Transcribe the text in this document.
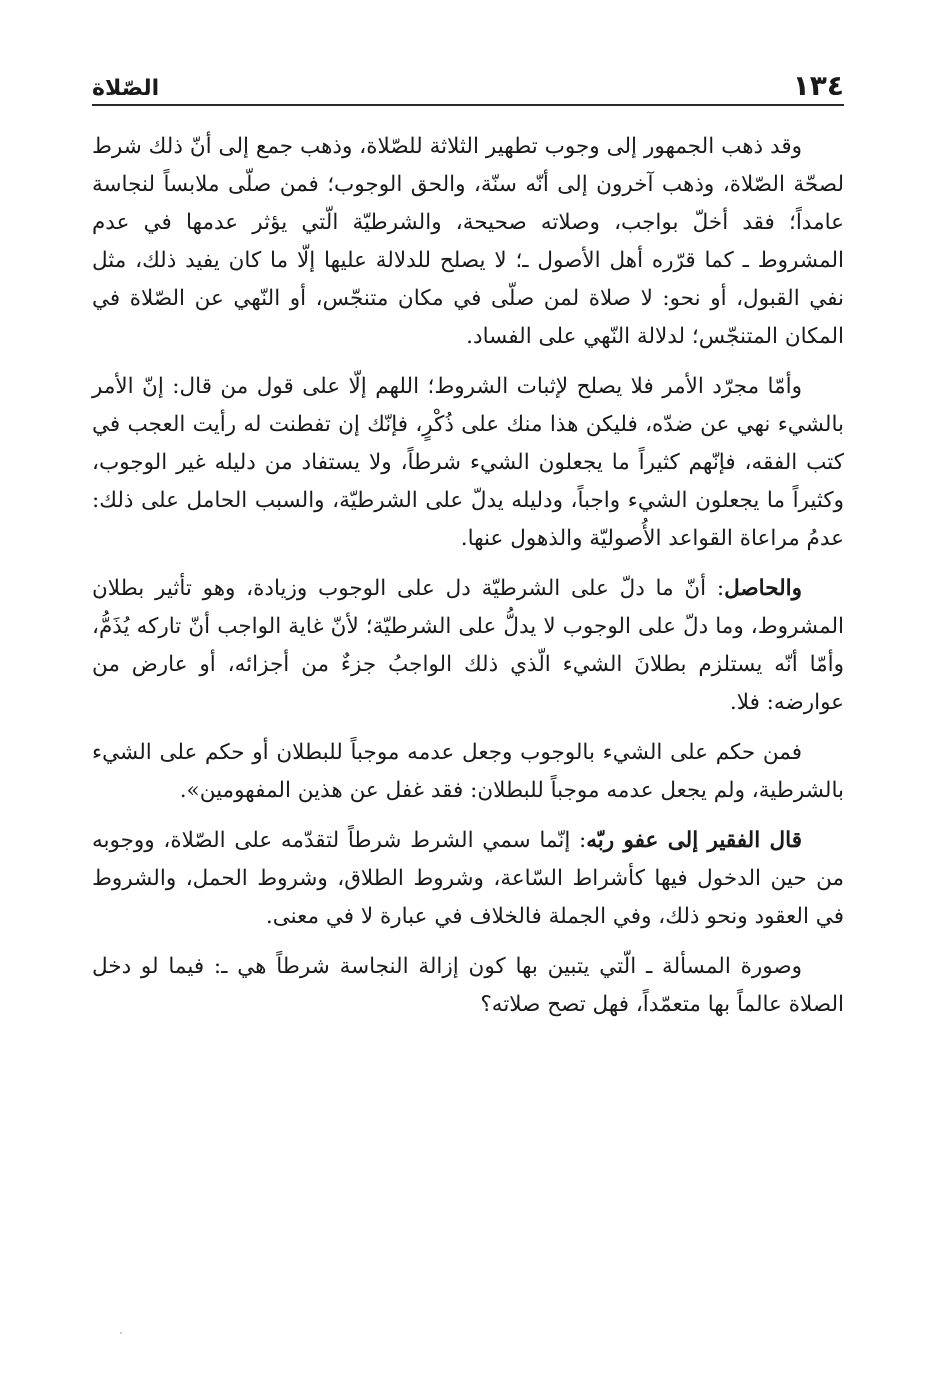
١٣٤
الصّلاة

وقد ذهب الجمهور إلى وجوب تطهير الثلاثة للصّلاة، وذهب جمع إلى أنّ ذلك شرط لصحّة الصّلاة، وذهب آخرون إلى أنّه سنّة، والحق الوجوب؛ فمن صلّى ملابساً لنجاسة عامداً؛ فقد أخلّ بواجب، وصلاته صحيحة، والشرطيّة الّتي يؤثر عدمها في عدم المشروط ـ كما قرّره أهل الأصول ـ؛ لا يصلح للدلالة عليها إلّا ما كان يفيد ذلك، مثل نفي القبول، أو نحو: لا صلاة لمن صلّى في مكان متنجّس، أو النّهي عن الصّلاة في المكان المتنجّس؛ لدلالة النّهي على الفساد.

وأمّا مجرّد الأمر فلا يصلح لإثبات الشروط؛ اللهم إلّا على قول من قال: إنّ الأمر بالشيء نهي عن ضدّه، فليكن هذا منك على ذُكْرٍ، فإنّك إن تفطنت له رأيت العجب في كتب الفقه، فإنّهم كثيراً ما يجعلون الشيء شرطاً، ولا يستفاد من دليله غير الوجوب، وكثيراً ما يجعلون الشيء واجباً، ودليله يدلّ على الشرطيّة، والسبب الحامل على ذلك: عدمُ مراعاة القواعد الأُصوليّة والذهول عنها.

والحاصل: أنّ ما دلّ على الشرطيّة دل على الوجوب وزيادة، وهو تأثير بطلان المشروط، وما دلّ على الوجوب لا يدلُّ على الشرطيّة؛ لأنّ غاية الواجب أنّ تاركه يُذَمُّ، وأمّا أنّه يستلزم بطلانَ الشيء الّذي ذلك الواجبُ جزءٌ من أجزائه، أو عارض من عوارضه: فلا.

فمن حكم على الشيء بالوجوب وجعل عدمه موجباً للبطلان أو حكم على الشيء بالشرطية، ولم يجعل عدمه موجباً للبطلان: فقد غفل عن هذين المفهومين».

قال الفقير إلى عفو ربّه: إنّما سمي الشرط شرطاً لتقدّمه على الصّلاة، ووجوبه من حين الدخول فيها كأشراط السّاعة، وشروط الطلاق، وشروط الحمل، والشروط في العقود ونحو ذلك، وفي الجملة فالخلاف في عبارة لا في معنى.

وصورة المسألة ـ الّتي يتبين بها كون إزالة النجاسة شرطاً هي ـ: فيما لو دخل الصلاة عالماً بها متعمّداً، فهل تصح صلاته؟
